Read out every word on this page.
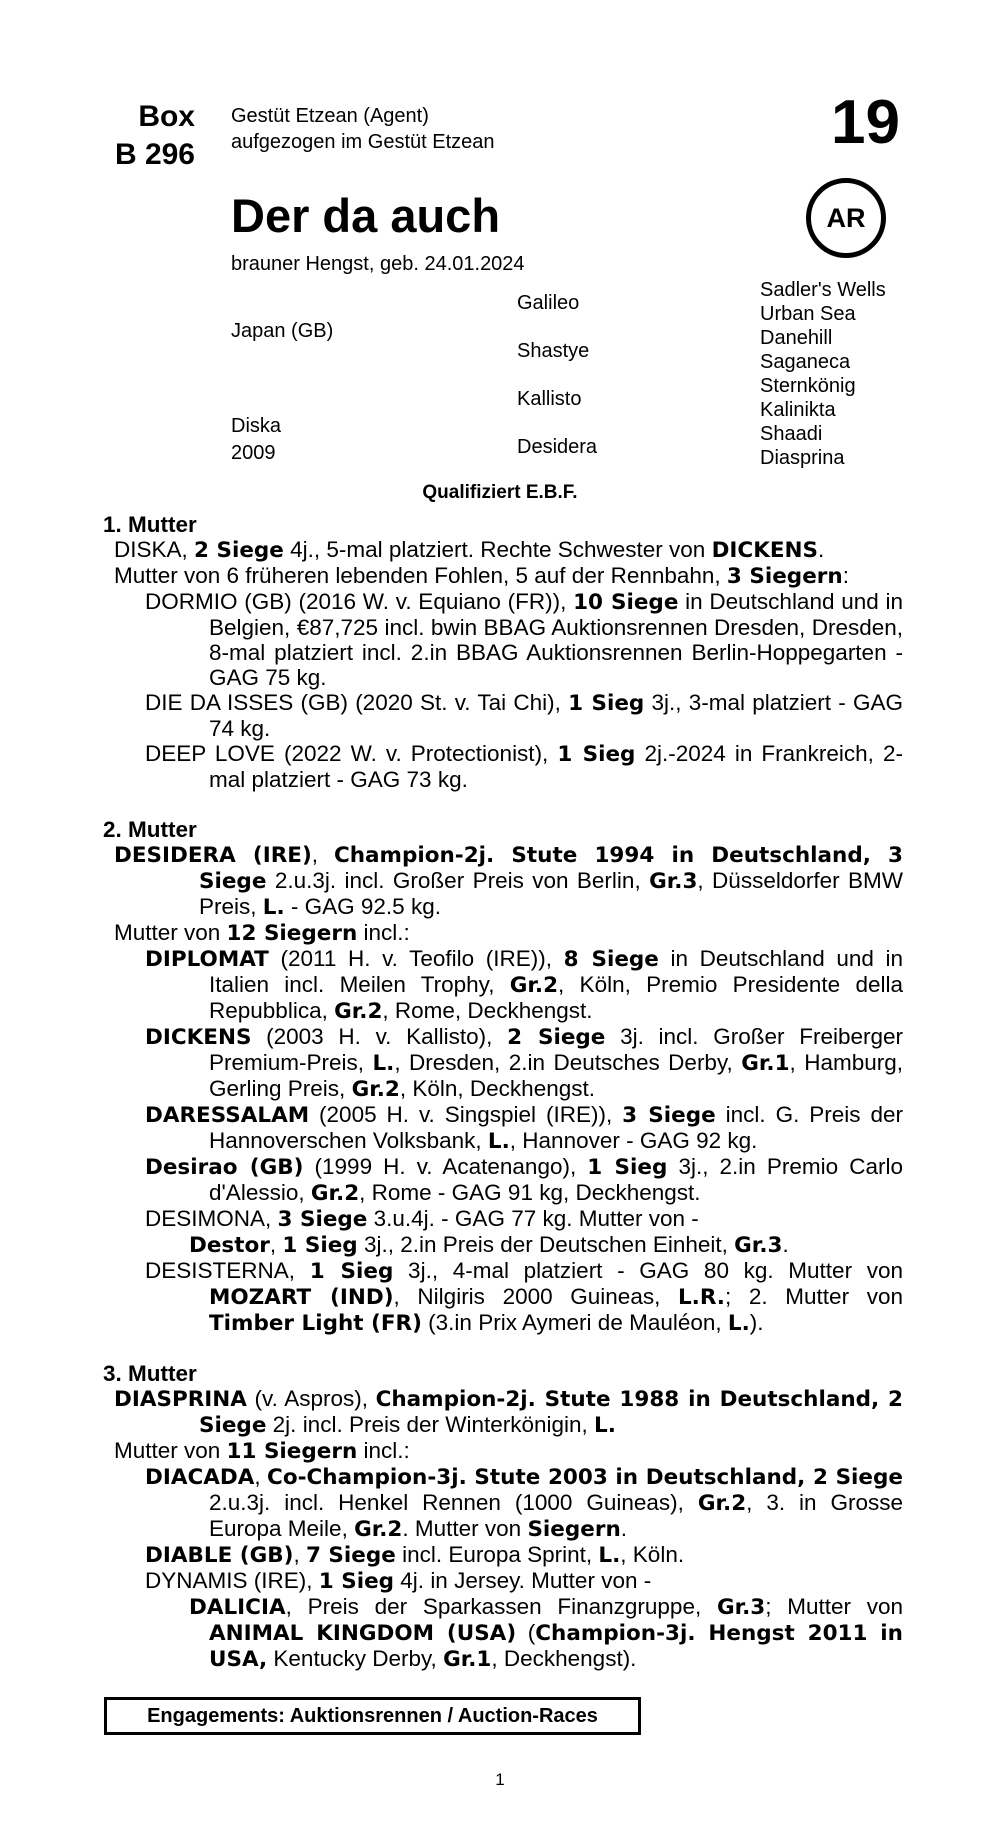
Box
B 296
Gestüt Etzean (Agent)
aufgezogen im Gestüt Etzean	19
AR
Der da auch
brauner Hengst, geb. 24.01.2024
Japan (GB)
Diska
2009
Galileo
Shastye
Kallisto
Desidera
Sadler's Wells
Urban Sea
Danehill
Saganeca
Sternkönig
Kalinikta
Shaadi
Diasprina
Qualifiziert E.B.F.

1. Mutter

DISKA, 2 Siege 4j., 5-mal platziert. Rechte Schwester von DICKENS.

Mutter von 6 früheren lebenden Fohlen, 5 auf der Rennbahn, 3 Siegern:

DORMIO (GB) (2016 W. v. Equiano (FR)), 10 Siege in Deutschland und in Belgien, €87,725 incl. bwin BBAG Auktionsrennen Dresden, Dresden, 8-mal platziert incl. 2.in BBAG Auktionsrennen Berlin-Hoppegarten - GAG 75 kg.

DIE DA ISSES (GB) (2020 St. v. Tai Chi), 1 Sieg 3j., 3-mal platziert - GAG 74 kg.

DEEP LOVE (2022 W. v. Protectionist), 1 Sieg 2j.-2024 in Frankreich, 2-mal platziert - GAG 73 kg.

2. Mutter

DESIDERA (IRE), Champion-2j. Stute 1994 in Deutschland, 3 Siege 2.u.3j. incl. Großer Preis von Berlin, Gr.3, Düsseldorfer BMW Preis, L. - GAG 92.5 kg.

Mutter von 12 Siegern incl.:

DIPLOMAT (2011 H. v. Teofilo (IRE)), 8 Siege in Deutschland und in Italien incl. Meilen Trophy, Gr.2, Köln, Premio Presidente della Repubblica, Gr.2, Rome, Deckhengst.

DICKENS (2003 H. v. Kallisto), 2 Siege 3j. incl. Großer Freiberger Premium-Preis, L., Dresden, 2.in Deutsches Derby, Gr.1, Hamburg, Gerling Preis, Gr.2, Köln, Deckhengst.

DARESSALAM (2005 H. v. Singspiel (IRE)), 3 Siege incl. G. Preis der Hannoverschen Volksbank, L., Hannover - GAG 92 kg.

Desirao (GB) (1999 H. v. Acatenango), 1 Sieg 3j., 2.in Premio Carlo d'Alessio, Gr.2, Rome - GAG 91 kg, Deckhengst.

DESIMONA, 3 Siege 3.u.4j. - GAG 77 kg. Mutter von -

Destor, 1 Sieg 3j., 2.in Preis der Deutschen Einheit, Gr.3.

DESISTERNA, 1 Sieg 3j., 4-mal platziert - GAG 80 kg. Mutter von MOZART (IND), Nilgiris 2000 Guineas, L.R.; 2. Mutter von Timber Light (FR) (3.in Prix Aymeri de Mauléon, L.).

3. Mutter

DIASPRINA (v. Aspros), Champion-2j. Stute 1988 in Deutschland, 2 Siege 2j. incl. Preis der Winterkönigin, L.

Mutter von 11 Siegern incl.:

DIACADA, Co-Champion-3j. Stute 2003 in Deutschland, 2 Siege 2.u.3j. incl. Henkel Rennen (1000 Guineas), Gr.2, 3. in Grosse Europa Meile, Gr.2. Mutter von Siegern.

DIABLE (GB), 7 Siege incl. Europa Sprint, L., Köln.

DYNAMIS (IRE), 1 Sieg 4j. in Jersey. Mutter von -

DALICIA, Preis der Sparkassen Finanzgruppe, Gr.3; Mutter von ANIMAL KINGDOM (USA) (Champion-3j. Hengst 2011 in USA, Kentucky Derby, Gr.1, Deckhengst).

Engagements: Auktionsrennen / Auction-Races
1
